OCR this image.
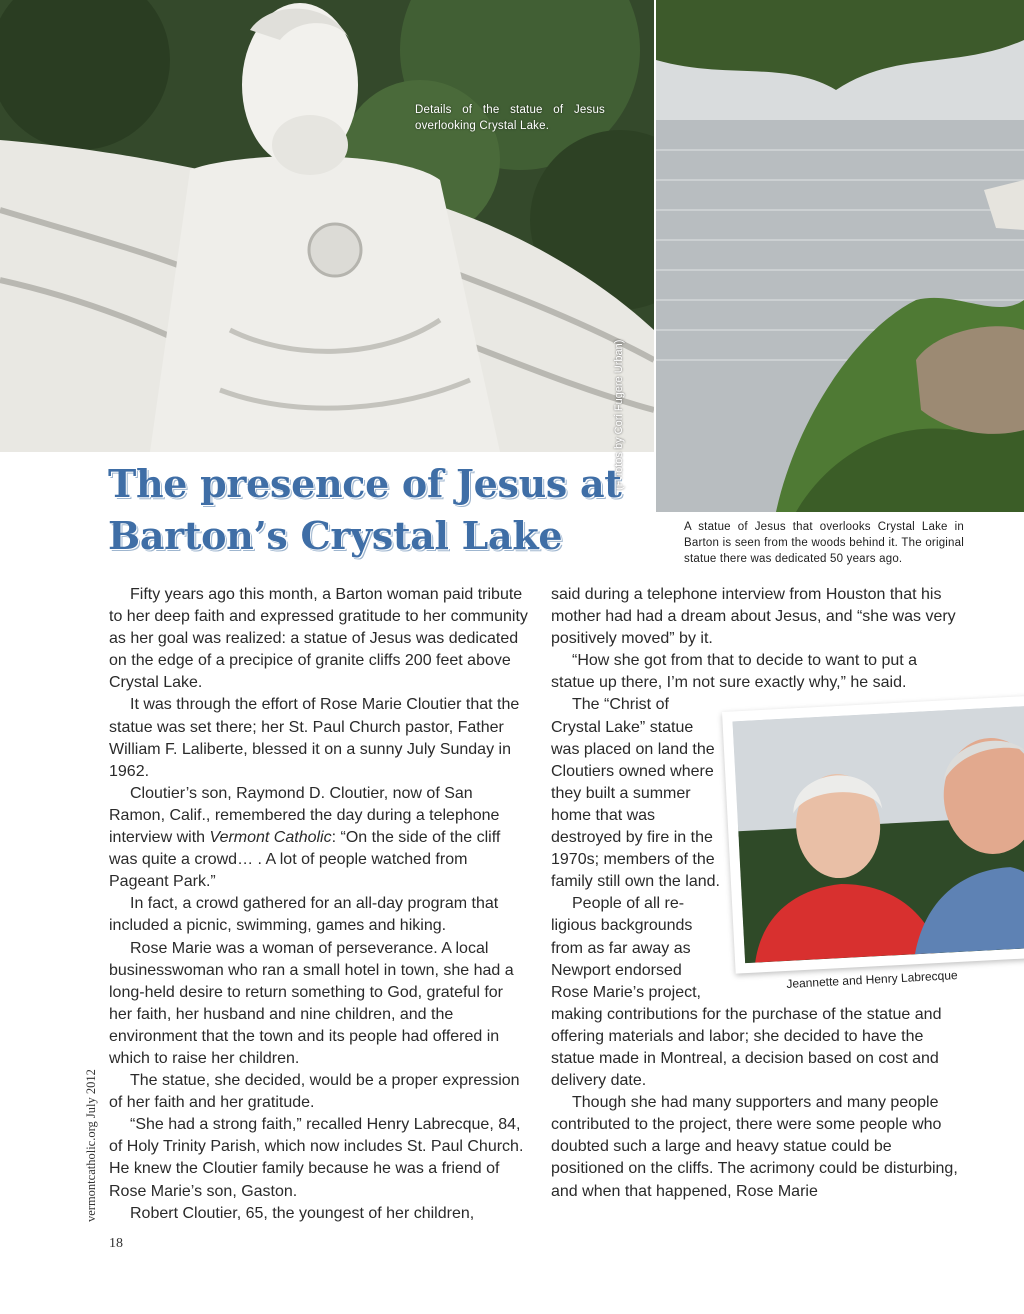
Details of the statue of Jesus overlooking Crystal Lake.
(Photos by Cori Fugere Urban)
A statue of Jesus that overlooks Crystal Lake in Barton is seen from the woods behind it. The original statue there was dedicated 50 years ago.
Jeannette and Henry Labrecque
The presence of Jesus at Barton’s Crystal Lake

Fifty years ago this month, a Barton woman paid tribute to her deep faith and expressed gratitude to her community as her goal was realized: a statue of Jesus was dedicated on the edge of a precipice of granite cliffs 200 feet above Crystal Lake.

It was through the effort of Rose Marie Cloutier that the statue was set there; her St. Paul Church pastor, Father William F. Laliberte, blessed it on a sunny July Sunday in 1962.

Cloutier’s son, Raymond D. Cloutier, now of San Ramon, Calif., remembered the day during a telephone interview with Vermont Catholic: “On the side of the cliff was quite a crowd… . A lot of people watched from Pageant Park.”

In fact, a crowd gathered for an all-day program that included a picnic, swimming, games and hiking.

Rose Marie was a woman of perseverance. A local businesswoman who ran a small hotel in town, she had a long-held desire to return something to God, grateful for her faith, her husband and nine children, and the environment that the town and its people had offered in which to raise her children.

The statue, she decided, would be a proper expression of her faith and her gratitude.

“She had a strong faith,” recalled Henry Labrecque, 84, of Holy Trinity Parish, which now includes St. Paul Church. He knew the Cloutier family because he was a friend of Rose Marie’s son, Gaston.

Robert Cloutier, 65, the youngest of her children,

said during a telephone interview from Houston that his mother had had a dream about Jesus, and “she was very positively moved” by it.

“How she got from that to decide to want to put a statue up there, I’m not sure exactly why,” he said.

The “Christ of Crystal Lake” statue was placed on land the Cloutiers owned where they built a summer home that was destroyed by fire in the 1970s; members of the family still own the land.

People of all re-ligious backgrounds from as far away as Newport endorsed Rose Marie’s project,

making contributions for the purchase of the statue and offering materials and labor; she decided to have the statue made in Montreal, a decision based on cost and delivery date.

Though she had many supporters and many people contributed to the project, there were some people who doubted such a large and heavy statue could be positioned on the cliffs. The acrimony could be disturbing, and when that happened, Rose Marie

vermontcatholic.org July 2012
18
